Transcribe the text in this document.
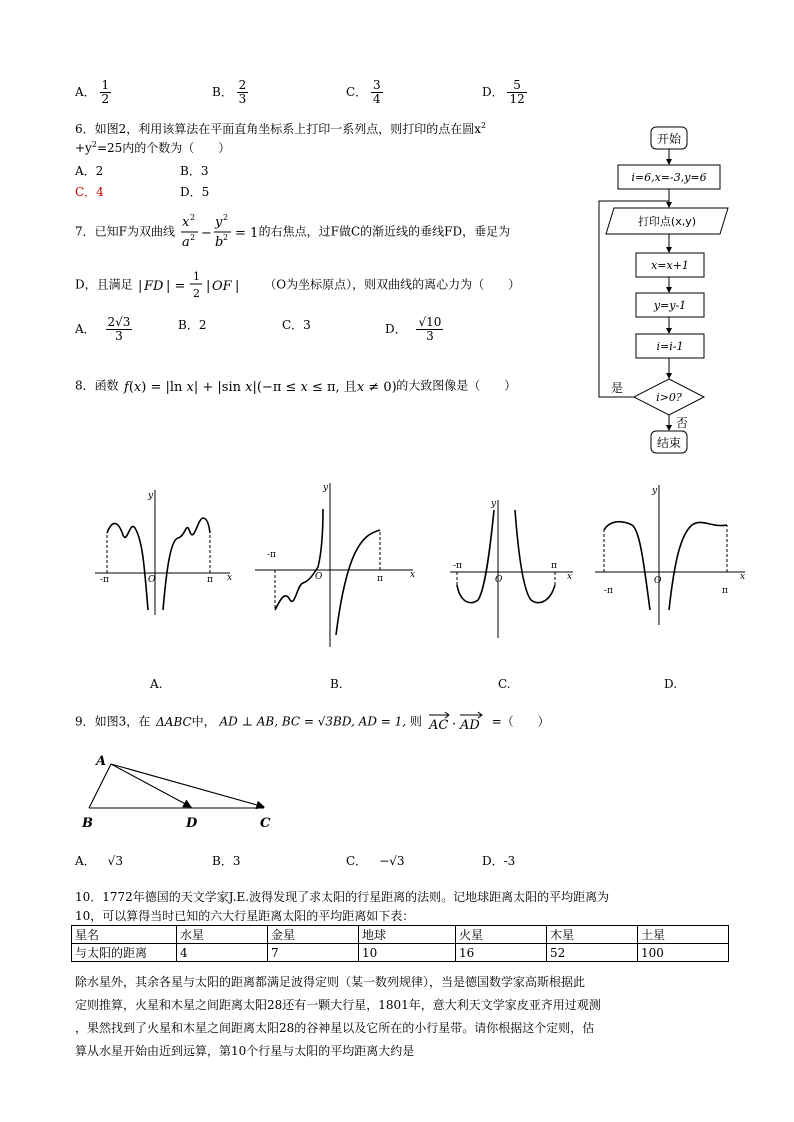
A． $\frac{1}{2}$	B． $\frac{2}{3}$	C． $\frac{3}{4}$	D． $\frac{5}{12}$
6．如图2，利用该算法在平面直角坐标系上打印一系列点，则打印的点在圆$x^2$
$+y^2=25$内的个数为（　　）
A．2	B．3
C．4	D．5
开始
i=6,x=-3,y=6
打印点(x,y)
x=x+1
y=y-1
i=i-1
i>0?
是
否
结束
7．已知F为双曲线
x 2
a 2 −
y 2
b 2 = 1 的右焦点，过F做C的渐近线的垂线FD，垂足为
D，且满足 | FD | =
1
2 | OF | （O为坐标原点），则双曲线的离心力为（　　）
A． $\frac{2√3}{3}$	B．2	C．3	D． $\frac{√10}{3}$
8．函数 f(x) = |ln x| + |sin x|(−π ≤ x ≤ π, 且x ≠ 0) 的大致图像是（　　）
y
x
O
-π	π
y
x
O
-π
π
y
x
O
-π	π
y
x
O
-π	π
A.	B.	C.	D.
9．如图3，在 ΔABC中， AD ⊥ AB, BC = √3BD, AD = 1, 则 AC · AD =（　　）
A
B	D	C
A． √3	B．3	C． −√3	D．-3
10．1772年德国的天文学家J.E.波得发现了求太阳的行星距离的法则。记地球距离太阳的平均距离为
10，可以算得当时已知的六大行星距离太阳的平均距离如下表：
星名	水星	金星	地球	火星	木星	土星
与太阳的距离	4	7	10	16	52	100
除水星外，其余各星与太阳的距离都满足波得定则（某一数列规律），当是德国数学家高斯根据此
定则推算，火星和木星之间距离太阳28还有一颗大行星，1801年，意大利天文学家皮亚齐用过观测
，果然找到了火星和木星之间距离太阳28的谷神星以及它所在的小行星带。请你根据这个定则，估
算从水星开始由近到远算，第10个行星与太阳的平均距离大约是
